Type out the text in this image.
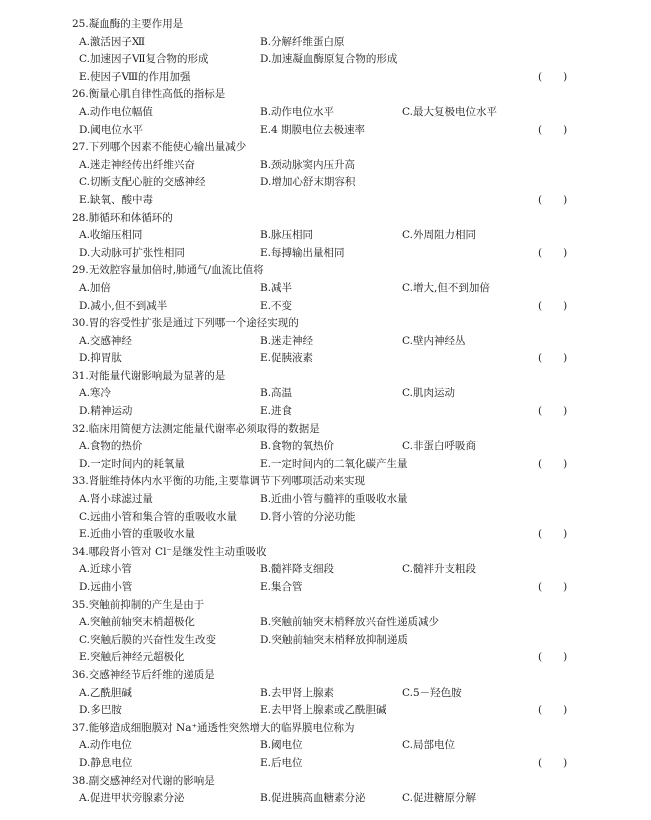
25.凝血酶的主要作用是
A.激活因子Ⅻ	B.分解纤维蛋白原
C.加速因子Ⅶ复合物的形成	D.加速凝血酶原复合物的形成
E.使因子Ⅷ的作用加强	(　　)
26.衡量心肌自律性高低的指标是
A.动作电位幅值	B.动作电位水平	C.最大复极电位水平
D.阈电位水平	E.4 期膜电位去极速率	(　　)
27.下列哪个因素不能使心输出量减少
A.迷走神经传出纤维兴奋	B.颈动脉窦内压升高
C.切断支配心脏的交感神经	D.增加心舒末期容积
E.缺氧、酸中毒	(　　)
28.肺循环和体循环的
A.收缩压相同	B.脉压相同	C.外周阻力相同
D.大动脉可扩张性相同	E.每搏输出量相同	(　　)
29.无效腔容量加倍时,肺通气/血流比值将
A.加倍	B.减半	C.增大,但不到加倍
D.减小,但不到减半	E.不变	(　　)
30.胃的容受性扩张是通过下列哪一个途径实现的
A.交感神经	B.迷走神经	C.壁内神经丛
D.抑胃肽	E.促胰液素	(　　)
31.对能量代谢影响最为显著的是
A.寒冷	B.高温	C.肌肉运动
D.精神运动	E.进食	(　　)
32.临床用简便方法测定能量代谢率必须取得的数据是
A.食物的热价	B.食物的氧热价	C.非蛋白呼吸商
D.一定时间内的耗氧量	E.一定时间内的二氧化碳产生量	(　　)
33.肾脏维持体内水平衡的功能,主要靠调节下列哪项活动来实现
A.肾小球滤过量	B.近曲小管与髓袢的重吸收水量
C.远曲小管和集合管的重吸收水量 D.肾小管的分泌功能
E.近曲小管的重吸收水量	(　　)
34.哪段肾小管对 Cl⁻是继发性主动重吸收
A.近球小管	B.髓袢降支细段	C.髓袢升支粗段
D.远曲小管	E.集合管	(　　)
35.突触前抑制的产生是由于
A.突触前轴突末梢超极化	B.突触前轴突末梢释放兴奋性递质减少
C.突触后膜的兴奋性发生改变	D.突触前轴突末梢释放抑制递质
E.突触后神经元超极化	(　　)
36.交感神经节后纤维的递质是
A.乙酰胆碱	B.去甲肾上腺素	C.5－羟色胺
D.多巴胺	E.去甲肾上腺素或乙酰胆碱	(　　)
37.能够造成细胞膜对 Na⁺通透性突然增大的临界膜电位称为
A.动作电位	B.阈电位	C.局部电位
D.静息电位	E.后电位	(　　)
38.副交感神经对代谢的影响是
A.促进甲状旁腺素分泌	B.促进胰高血糖素分泌	C.促进糖原分解
